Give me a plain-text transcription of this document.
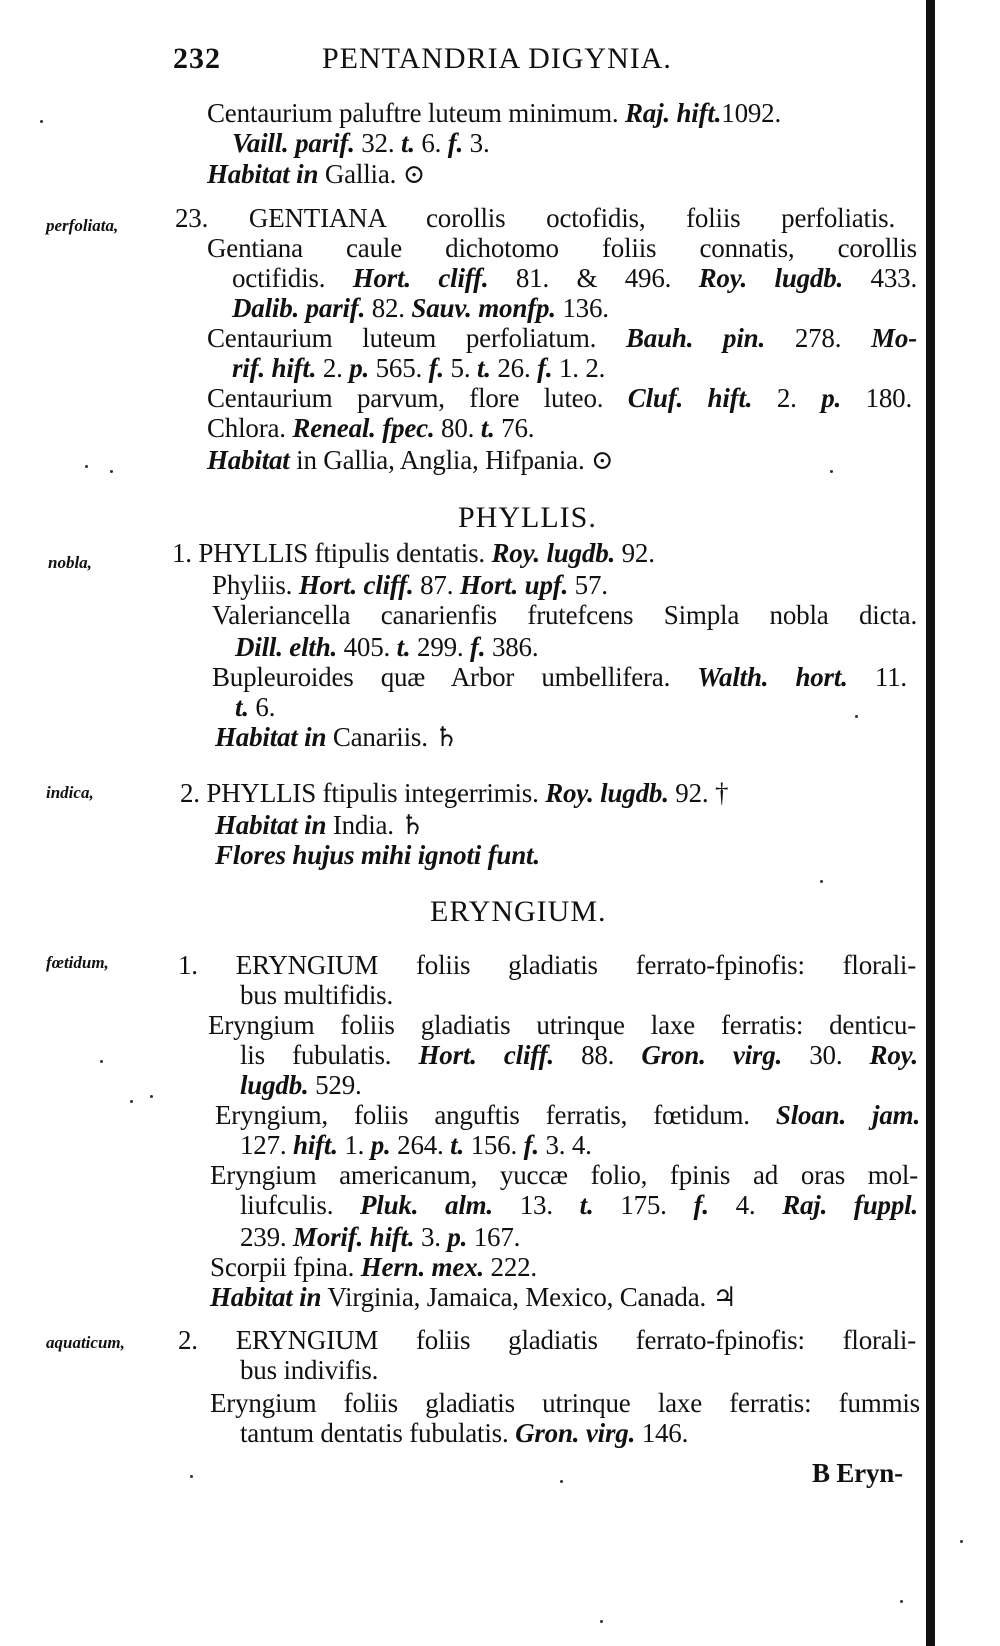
232	PENTANDRIA DIGYNIA.
perfoliata,
nobla,
indica,
fœtidum,
aquaticum,
PHYLLIS.
ERYNGIUM.
B Eryn-
Centaurium paluftre luteum minimum. Raj. hift.1092.
Vaill. parif. 32. t. 6. f. 3.
Habitat in Gallia. ⊙
23. GENTIANA corollis octofidis, foliis perfoliatis.
Gentiana caule dichotomo foliis connatis, corollis
octifidis. Hort. cliff. 81. & 496. Roy. lugdb. 433.
Dalib. parif. 82. Sauv. monfp. 136.
Centaurium luteum perfoliatum. Bauh. pin. 278. Mo-
rif. hift. 2. p. 565. f. 5. t. 26. f. 1. 2.
Centaurium parvum, flore luteo. Cluf. hift. 2. p. 180.
Chlora. Reneal. fpec. 80. t. 76.
Habitat in Gallia, Anglia, Hifpania. ⊙
1. PHYLLIS ftipulis dentatis. Roy. lugdb. 92.
Phyliis. Hort. cliff. 87. Hort. upf. 57.
Valeriancella canarienfis frutefcens Simpla nobla dicta.
Dill. elth. 405. t. 299. f. 386.
Bupleuroides quæ Arbor umbellifera. Walth. hort. 11.
t. 6.
Habitat in Canariis. ♄
2. PHYLLIS ftipulis integerrimis. Roy. lugdb. 92. †
Habitat in India. ♄
Flores hujus mihi ignoti funt.
1. ERYNGIUM foliis gladiatis ferrato-fpinofis: florali-
bus multifidis.
Eryngium foliis gladiatis utrinque laxe ferratis: denticu-
lis fubulatis. Hort. cliff. 88. Gron. virg. 30. Roy.
lugdb. 529.
Eryngium, foliis anguftis ferratis, fœtidum. Sloan. jam.
127. hift. 1. p. 264. t. 156. f. 3. 4.
Eryngium americanum, yuccæ folio, fpinis ad oras mol-
liufculis. Pluk. alm. 13. t. 175. f. 4. Raj. fuppl.
239. Morif. hift. 3. p. 167.
Scorpii fpina. Hern. mex. 222.
Habitat in Virginia, Jamaica, Mexico, Canada. ♃
2. ERYNGIUM foliis gladiatis ferrato-fpinofis: florali-
bus indivifis.
Eryngium foliis gladiatis utrinque laxe ferratis: fummis
tantum dentatis fubulatis. Gron. virg. 146.
